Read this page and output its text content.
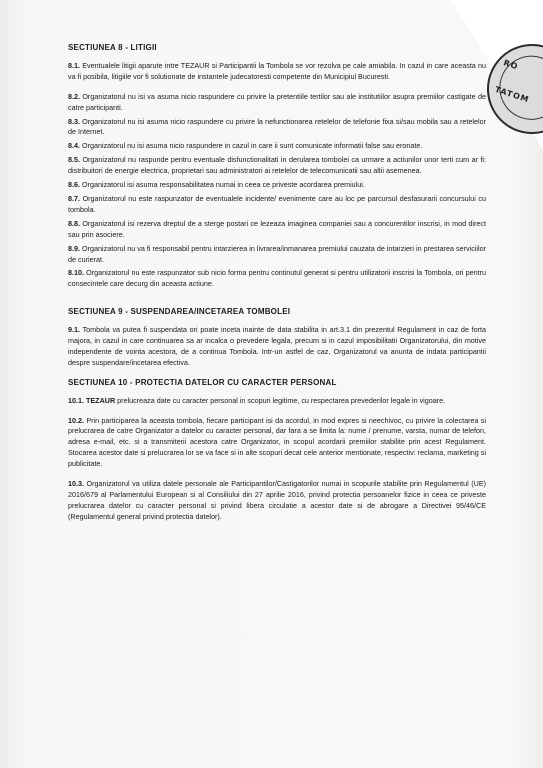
RO
TATOM
SECTIUNEA 8 - LITIGII

8.1. Eventualele litigii aparute intre TEZAUR si Participantii la Tombola se vor rezolva pe cale amiabila. In cazul in care aceasta nu va fi posibila, litigiile vor fi solutionate de instantele judecatoresti competente din Municipiul Bucuresti.

8.2. Organizatorul nu isi va asuma nicio raspundere cu privire la pretentiile tertilor sau ale institutiilor asupra premiilor castigate de catre participanti.

8.3. Organizatorul nu isi asuma nicio raspundere cu privire la nefunctionarea retelelor de telefonie fixa si/sau mobila sau a retelelor de Internet.

8.4. Organizatorul nu isi asuma nicio raspundere in cazul in care ii sunt comunicate informatii false sau eronate.

8.5. Organizatorul nu raspunde pentru eventuale disfunctionalitati in derularea tombolei ca urmare a actiunilor unor terti cum ar fi: distribuitori de energie electrica, proprietari sau administratori ai retelelor de telecomunicatii sau altii asemenea.

8.6. Organizatorul isi asuma responsabilitatea numai in ceea ce priveste acordarea premiului.

8.7. Organizatorul nu este raspunzator de eventualele incidente/ evenimente care au loc pe parcursul desfasurarii concursului cu tombola.

8.8. Organizatorul isi rezerva dreptul de a sterge postari ce lezeaza imaginea companiei sau a concurentilor inscrisi, in mod direct sau prin asociere.

8.9. Organizatorul nu va fi responsabil pentru intarzierea in livrarea/inmanarea premiului cauzata de intarzieri in prestarea serviciilor de curierat.

8.10. Organizatorul nu este raspunzator sub nicio forma pentru continutul generat si pentru utilizatorii inscrisi la Tombola, ori pentru consecintele care decurg din aceasta actiune.

SECTIUNEA 9 - SUSPENDAREA/INCETAREA TOMBOLEI

9.1. Tombola va putea fi suspendata ori poate inceta inainte de data stabilita in art.3.1 din prezentul Regulament in caz de forta majora, in cazul in care continuarea sa ar incalca o prevedere legala, precum si in cazul imposibilitatii Organizatorului, din motive independente de vointa acestora, de a continua Tombola. Intr-un astfel de caz, Organizatorul va anunta de indata participantii despre suspendare/incetarea efectiva.

SECTIUNEA 10 - PROTECTIA DATELOR CU CARACTER PERSONAL

10.1. TEZAUR prelucreaza date cu caracter personal in scopuri legitime, cu respectarea prevederilor legale in vigoare.

10.2. Prin participarea la aceasta tombola, fiecare participant isi da acordul, in mod expres si neechivoc, cu privire la colectarea si prelucrarea de catre Organizator a datelor cu caracter personal, dar fara a se limita la: nume / prenume, varsta, numar de telefon, adresa e-mail, etc. si a transmiterii acestora catre Organizator, in scopul acordarii premiilor stabilite prin acest Regulament. Stocarea acestor date si prelucrarea lor se va face si in alte scopuri decat cele anterior mentionate, respectiv: reclama, marketing si publicitate.

10.3. Organizatorul va utiliza datele personale ale Participantilor/Castigatorilor numai in scopurile stabilite prin Regulamentul (UE) 2016/679 al Parlamentului European si al Consiliului din 27 aprilie 2016, privind protectia persoanelor fizice in ceea ce priveste prelucrarea datelor cu caracter personal si privind libera circulatie a acestor date si de abrogare a Directivei 95/46/CE (Regulamentul general privind protectia datelor).
